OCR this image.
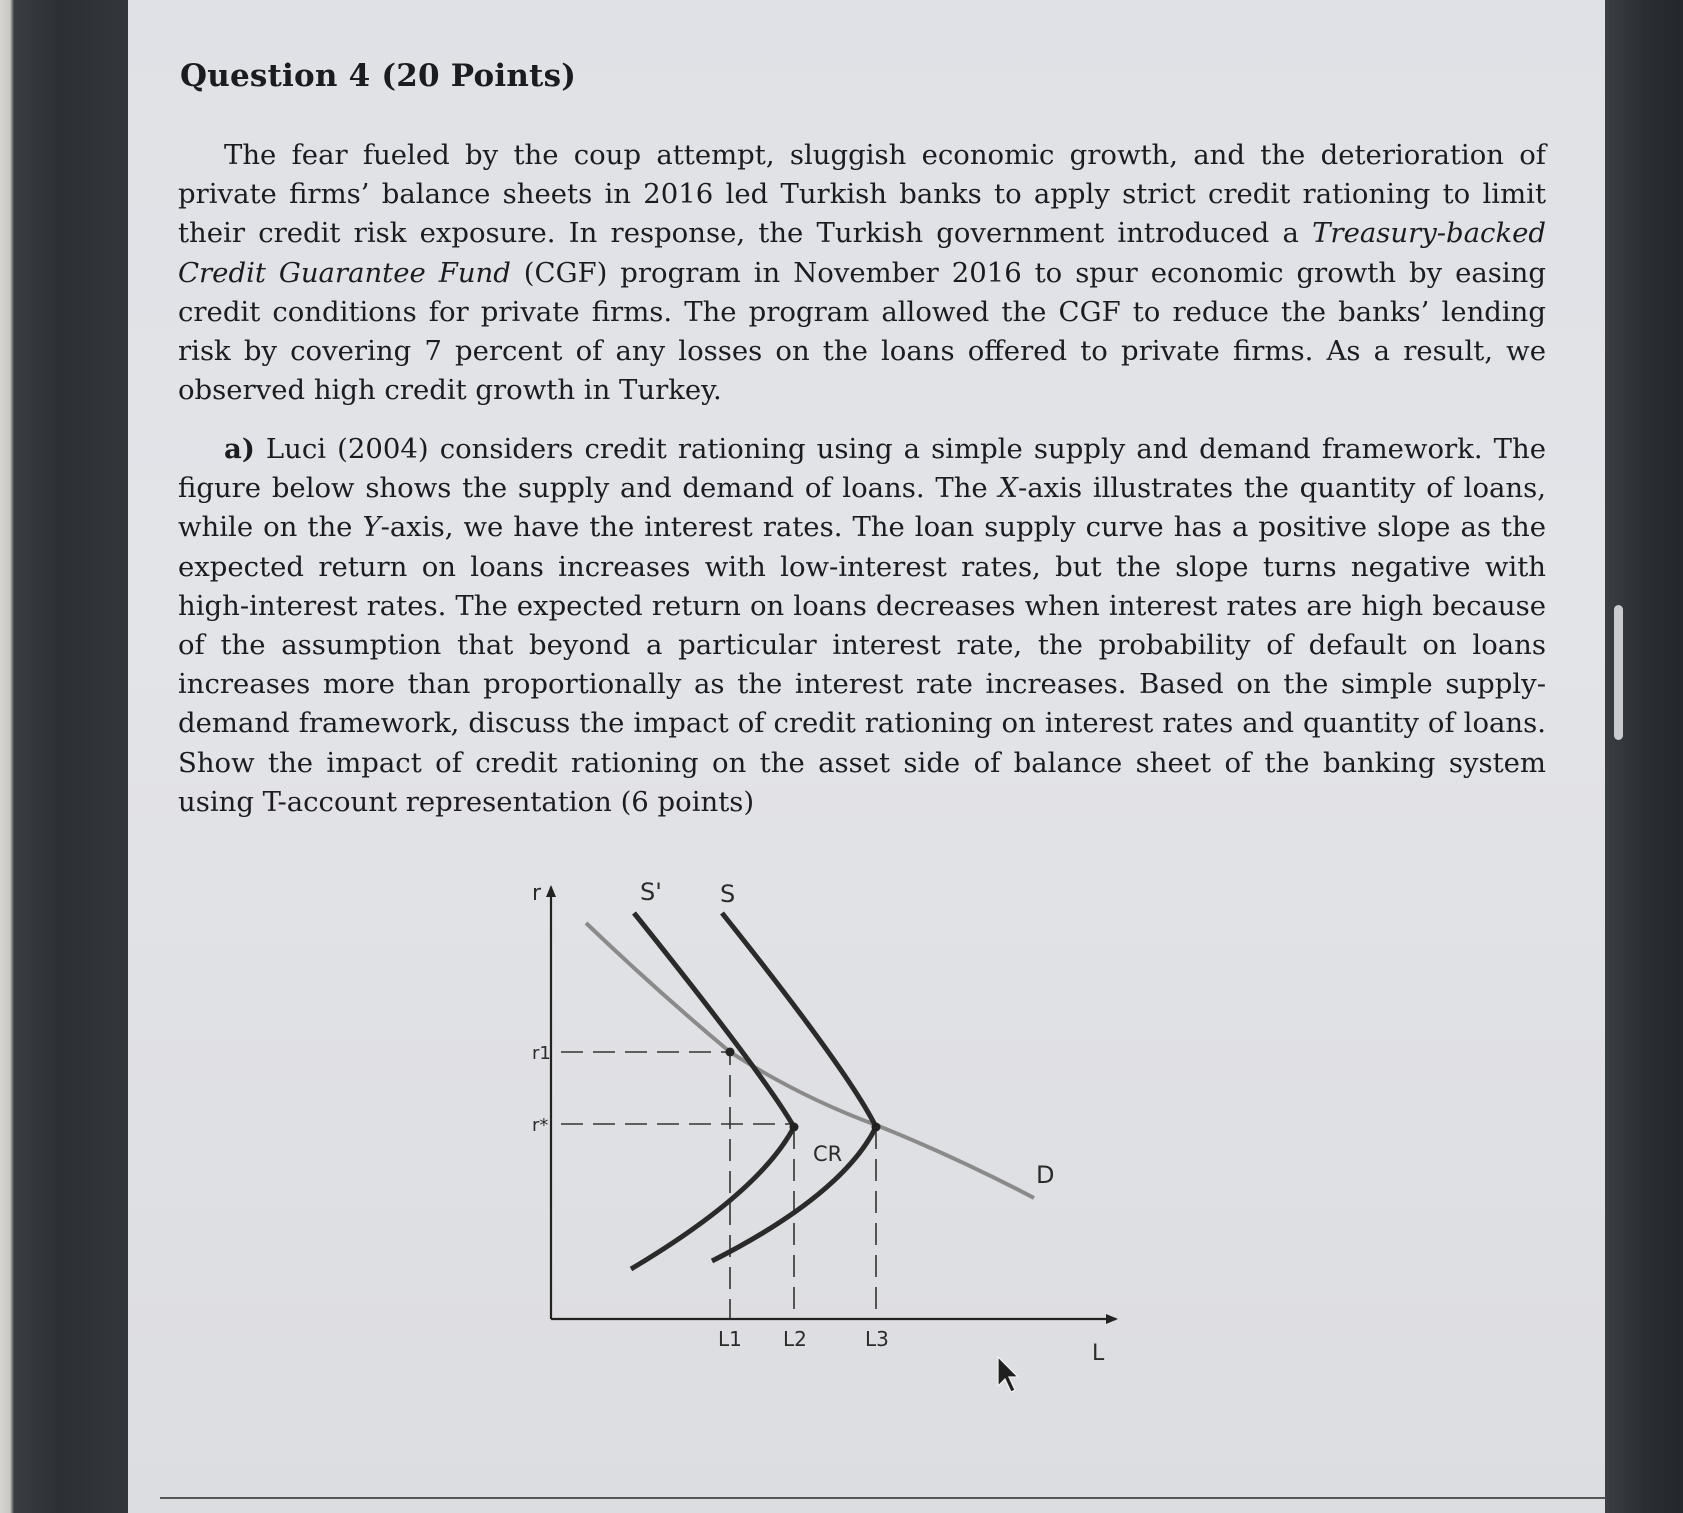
Question 4 (20 Points)

The fear fueled by the coup attempt, sluggish economic growth, and the deterioration of private firms’ balance sheets in 2016 led Turkish banks to apply strict credit rationing to limit their credit risk exposure. In response, the Turkish government introduced a Treasury-backed Credit Guarantee Fund (CGF) program in November 2016 to spur economic growth by easing credit conditions for private firms. The program allowed the CGF to reduce the banks’ lending risk by covering 7 percent of any losses on the loans offered to private firms. As a result, we observed high credit growth in Turkey.

a) Luci (2004) considers credit rationing using a simple supply and demand framework. The figure below shows the supply and demand of loans. The X-axis illustrates the quantity of loans, while on the Y-axis, we have the interest rates. The loan supply curve has a positive slope as the expected return on loans increases with low-interest rates, but the slope turns negative with high-interest rates. The expected return on loans decreases when interest rates are high because of the assumption that beyond a particular interest rate, the probability of default on loans increases more than proportionally as the interest rate increases. Based on the simple supply-demand framework, discuss the impact of credit rationing on interest rates and quantity of loans. Show the impact of credit rationing on the asset side of balance sheet of the banking system using T-account representation (6 points)

r
L
S' S
D
CR
r1
r*
L1 L2	L3
